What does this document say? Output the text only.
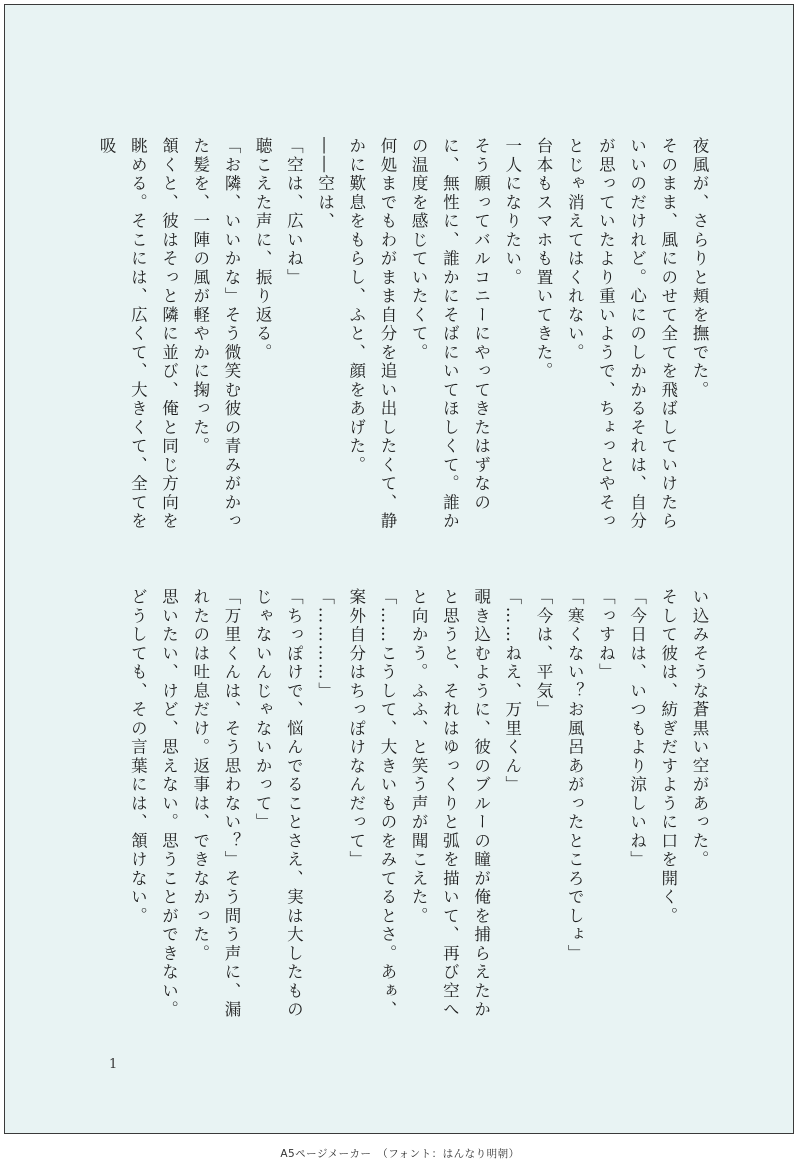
夜風が、さらりと頬を撫でた。

そのまま、風にのせて全てを飛ばしていけたらいいのだけれど。心にのしかかるそれは、自分が思っていたより重いようで、ちょっとやそっとじゃ消えてはくれない。

台本もスマホも置いてきた。

一人になりたい。

そう願ってバルコニーにやってきたはずなのに、無性に、誰かにそばにいてほしくて。誰かの温度を感じていたくて。

何処までもわがまま自分を追い出したくて、静かに歎息をもらし、ふと、顔をあげた。

――空は、

「空は、広いね」

聴こえた声に、振り返る。

「お隣、いいかな」そう微笑む彼の青みがかった髪を、一陣の風が軽やかに掬った。

頷くと、彼はそっと隣に並び、俺と同じ方向を眺める。そこには、広くて、大きくて、全てを吸

い込みそうな蒼黒い空があった。

そして彼は、紡ぎだすように口を開く。

「今日は、いつもより涼しいね」

「っすね」

「寒くない？お風呂あがったところでしょ」

「今は、平気」

「……ねえ、万里くん」

覗き込むように、彼のブルーの瞳が俺を捕らえたかと思うと、それはゆっくりと弧を描いて、再び空へと向かう。ふふ、と笑う声が聞こえた。

「……こうして、大きいものをみてるとさ。あぁ、案外自分はちっぽけなんだって」

「…………」

「ちっぽけで、悩んでることさえ、実は大したものじゃないんじゃないかって」

「万里くんは、そう思わない？」そう問う声に、漏れたのは吐息だけ。返事は、できなかった。

思いたい、けど、思えない。思うことができない。どうしても、その言葉には、頷けない。

1
A5ページメーカー　（フォント：はんなり明朝）
